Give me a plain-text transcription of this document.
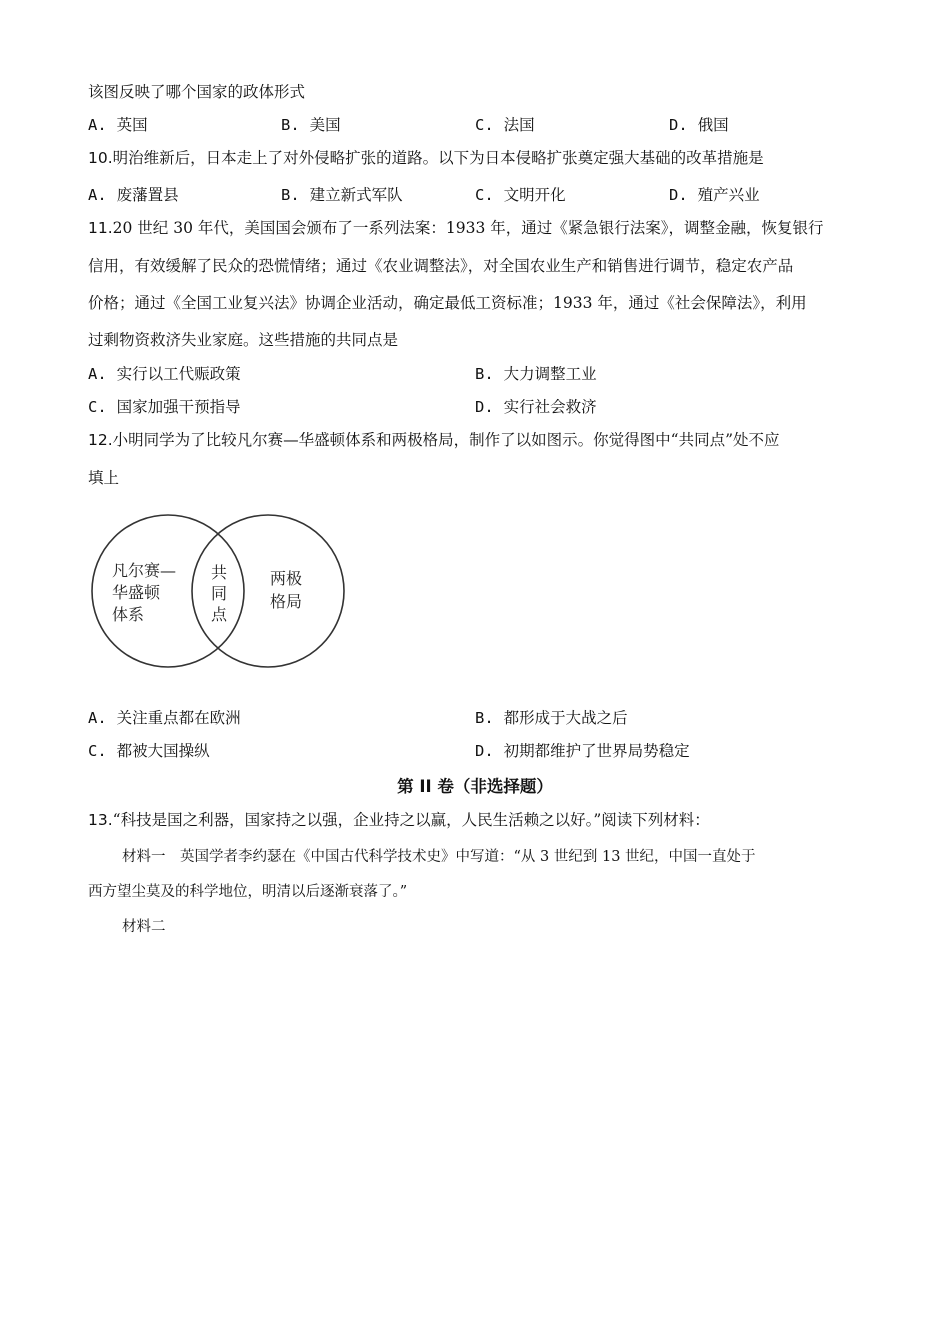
该图反映了哪个国家的政体形式
A. 英国	B. 美国	C. 法国	D. 俄国
10.明治维新后，日本走上了对外侵略扩张的道路。以下为日本侵略扩张奠定强大基础的改革措施是
A. 废藩置县	B. 建立新式军队	C. 文明开化	D. 殖产兴业
11.20 世纪 30 年代，美国国会颁布了一系列法案：1933 年，通过《紧急银行法案》，调整金融，恢复银行
信用，有效缓解了民众的恐慌情绪；通过《农业调整法》，对全国农业生产和销售进行调节，稳定农产品
价格；通过《全国工业复兴法》协调企业活动，确定最低工资标准；1933 年，通过《社会保障法》，利用
过剩物资救济失业家庭。这些措施的共同点是
A. 实行以工代赈政策	B. 大力调整工业
C. 国家加强干预指导	D. 实行社会救济
12.小明同学为了比较凡尔赛—华盛顿体系和两极格局，制作了以如图示。你觉得图中“共同点”处不应
填上
凡尔赛—
华盛顿
体系
共
同
点
两极
格局
A. 关注重点都在欧洲	B. 都形成于大战之后
C. 都被大国操纵	D. 初期都维护了世界局势稳定
第 II 卷（非选择题）
13.“科技是国之利器，国家持之以强，企业持之以赢，人民生活赖之以好。”阅读下列材料：
材料一　英国学者李约瑟在《中国古代科学技术史》中写道：“从 3 世纪到 13 世纪，中国一直处于
西方望尘莫及的科学地位，明清以后逐渐衰落了。”
材料二
